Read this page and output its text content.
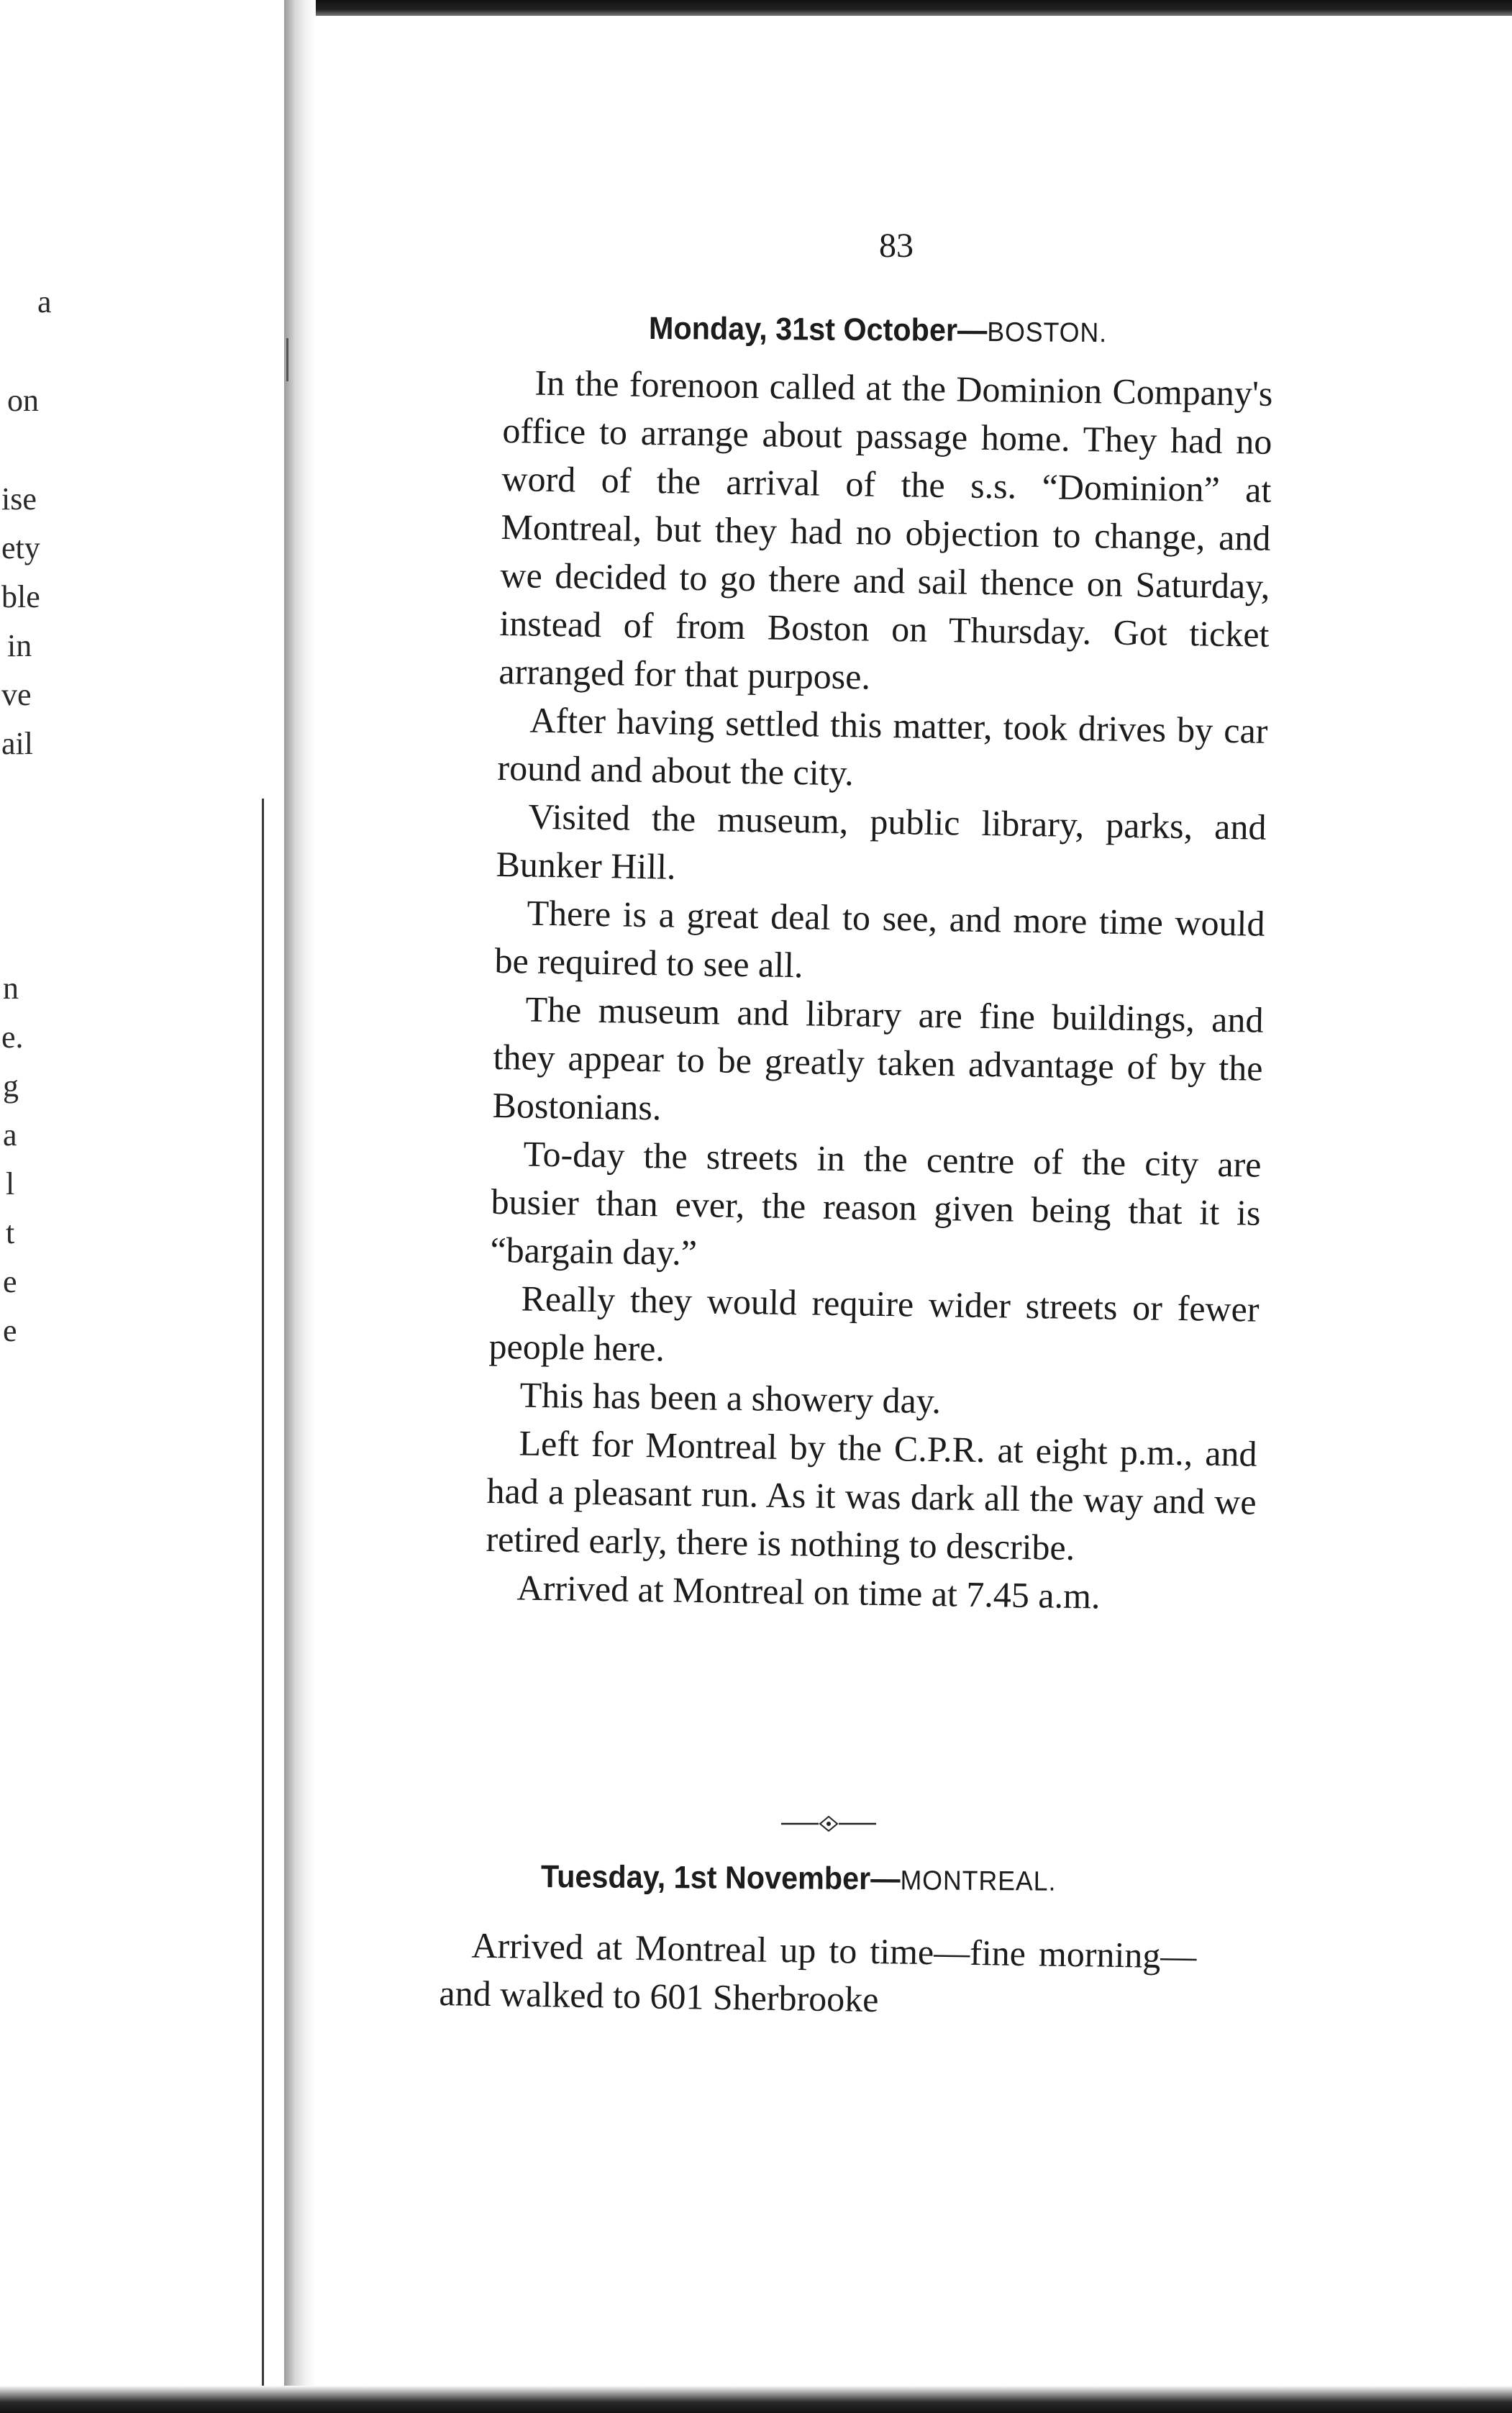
a
on
ise
ety
ble
in
ve
ail
n
e.
g
a
l
t
e
e
83
Monday, 31st October—BOSTON.

In the forenoon called at the Dominion Company's office to arrange about passage home. They had no word of the arrival of the s.s. “Dominion” at Montreal, but they had no objection to change, and we decided to go there and sail thence on Saturday, instead of from Boston on Thursday. Got ticket arranged for that purpose.

After having settled this matter, took drives by car round and about the city.

Visited the museum, public library, parks, and Bunker Hill.

There is a great deal to see, and more time would be required to see all.

The museum and library are fine buildings, and they appear to be greatly taken advantage of by the Bostonians.

To-day the streets in the centre of the city are busier than ever, the reason given being that it is “bargain day.”

Really they would require wider streets or fewer people here.

This has been a showery day.

Left for Montreal by the C.P.R. at eight p.m., and had a pleasant run. As it was dark all the way and we retired early, there is nothing to describe.

Arrived at Montreal on time at 7.45 a.m.

Tuesday, 1st November—MONTREAL.

Arrived at Montreal up to time—fine morning—and walked to 601 Sherbrooke
